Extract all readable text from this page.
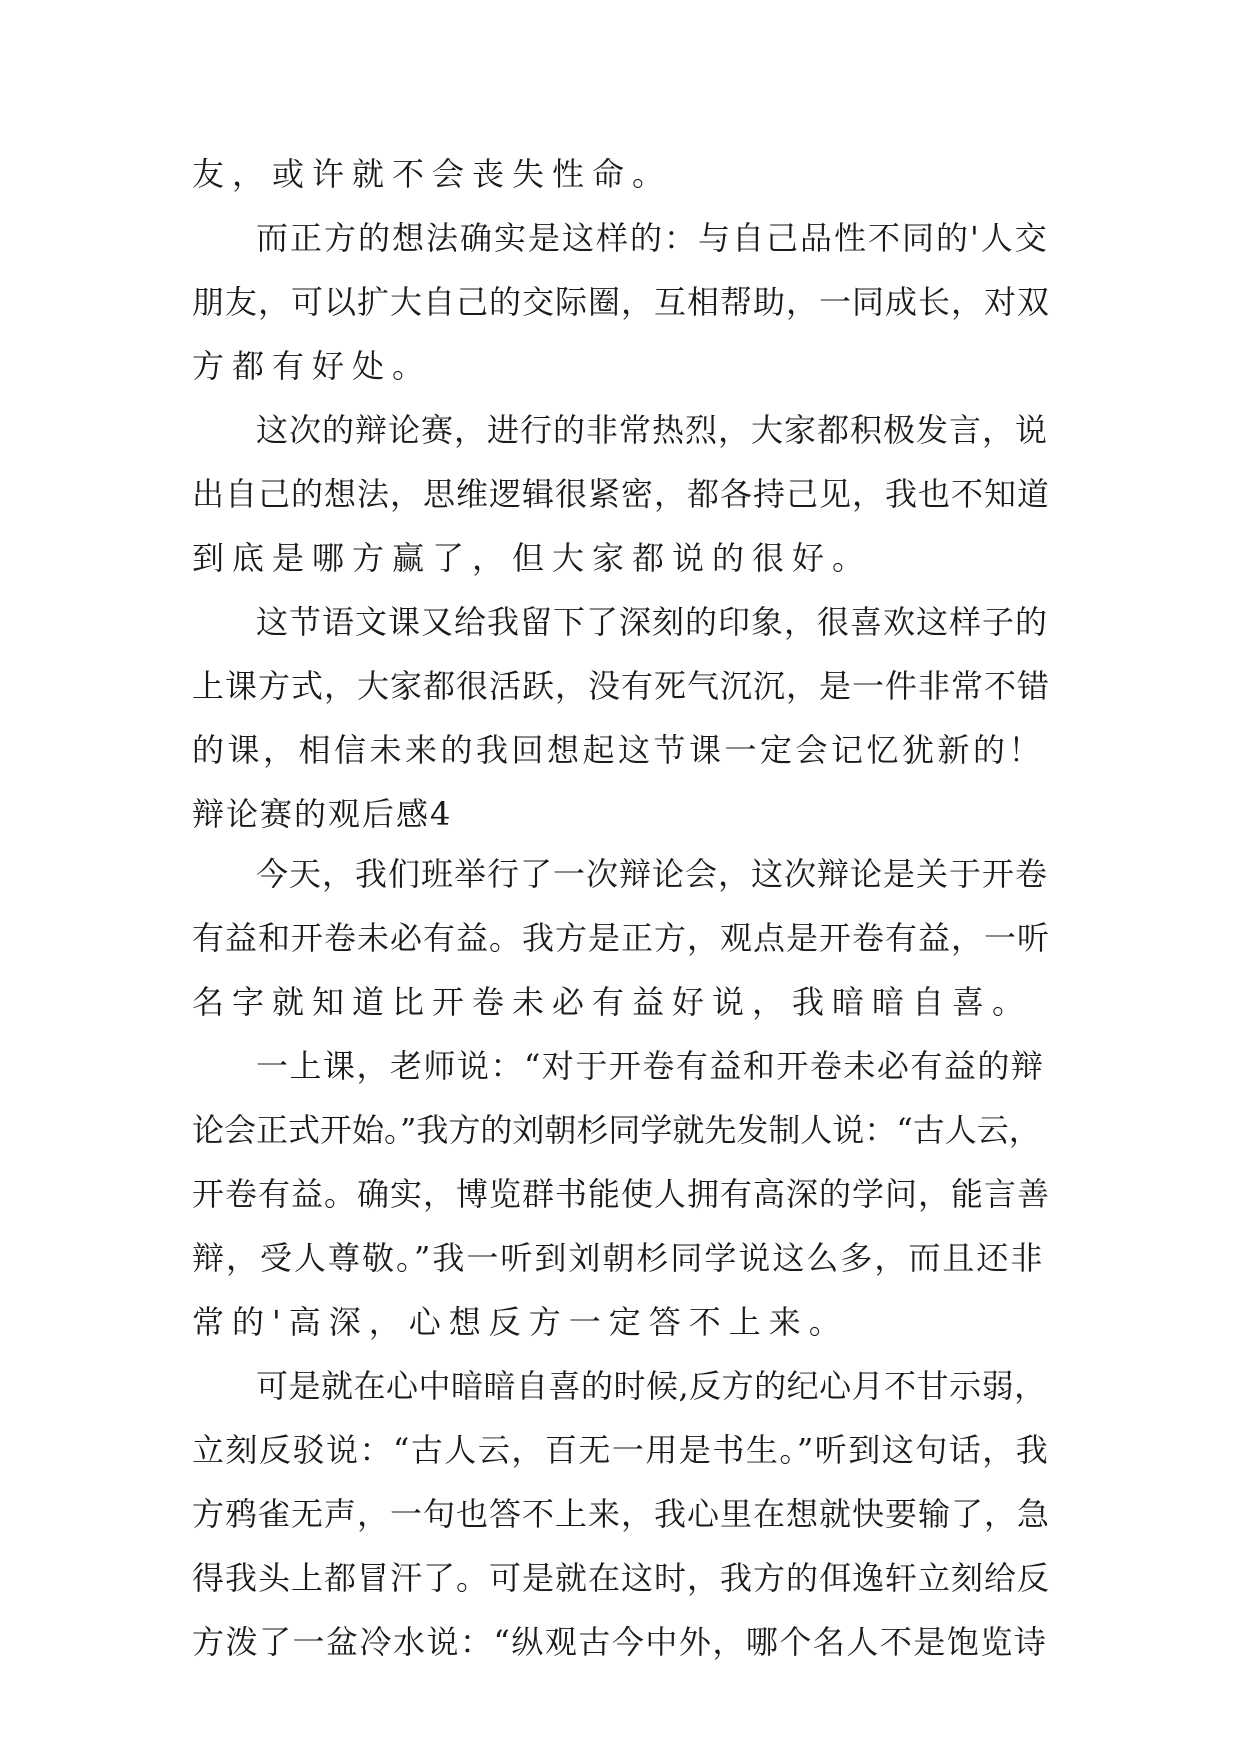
友，或许就不会丧失性命。
而正方的想法确实是这样的：与自己品性不同的'人交
朋友，可以扩大自己的交际圈，互相帮助，一同成长，对双
方都有好处。
这次的辩论赛，进行的非常热烈，大家都积极发言，说
出自己的想法，思维逻辑很紧密，都各持己见，我也不知道
到底是哪方赢了，但大家都说的很好。
这节语文课又给我留下了深刻的印象，很喜欢这样子的
上课方式，大家都很活跃，没有死气沉沉，是一件非常不错
的课，相信未来的我回想起这节课一定会记忆犹新的！
辩论赛的观后感4
今天，我们班举行了一次辩论会，这次辩论是关于开卷
有益和开卷未必有益。我方是正方，观点是开卷有益，一听
名字就知道比开卷未必有益好说，我暗暗自喜。
一上课，老师说：“对于开卷有益和开卷未必有益的辩
论会正式开始。”我方的刘朝杉同学就先发制人说：“古人云，
开卷有益。确实，博览群书能使人拥有高深的学问，能言善
辩，受人尊敬。”我一听到刘朝杉同学说这么多，而且还非
常的'高深，心想反方一定答不上来。
可是就在心中暗暗自喜的时候,反方的纪心月不甘示弱，
立刻反驳说：“古人云，百无一用是书生。”听到这句话，我
方鸦雀无声，一句也答不上来，我心里在想就快要输了，急
得我头上都冒汗了。可是就在这时，我方的佴逸轩立刻给反
方泼了一盆冷水说：“纵观古今中外，哪个名人不是饱览诗
